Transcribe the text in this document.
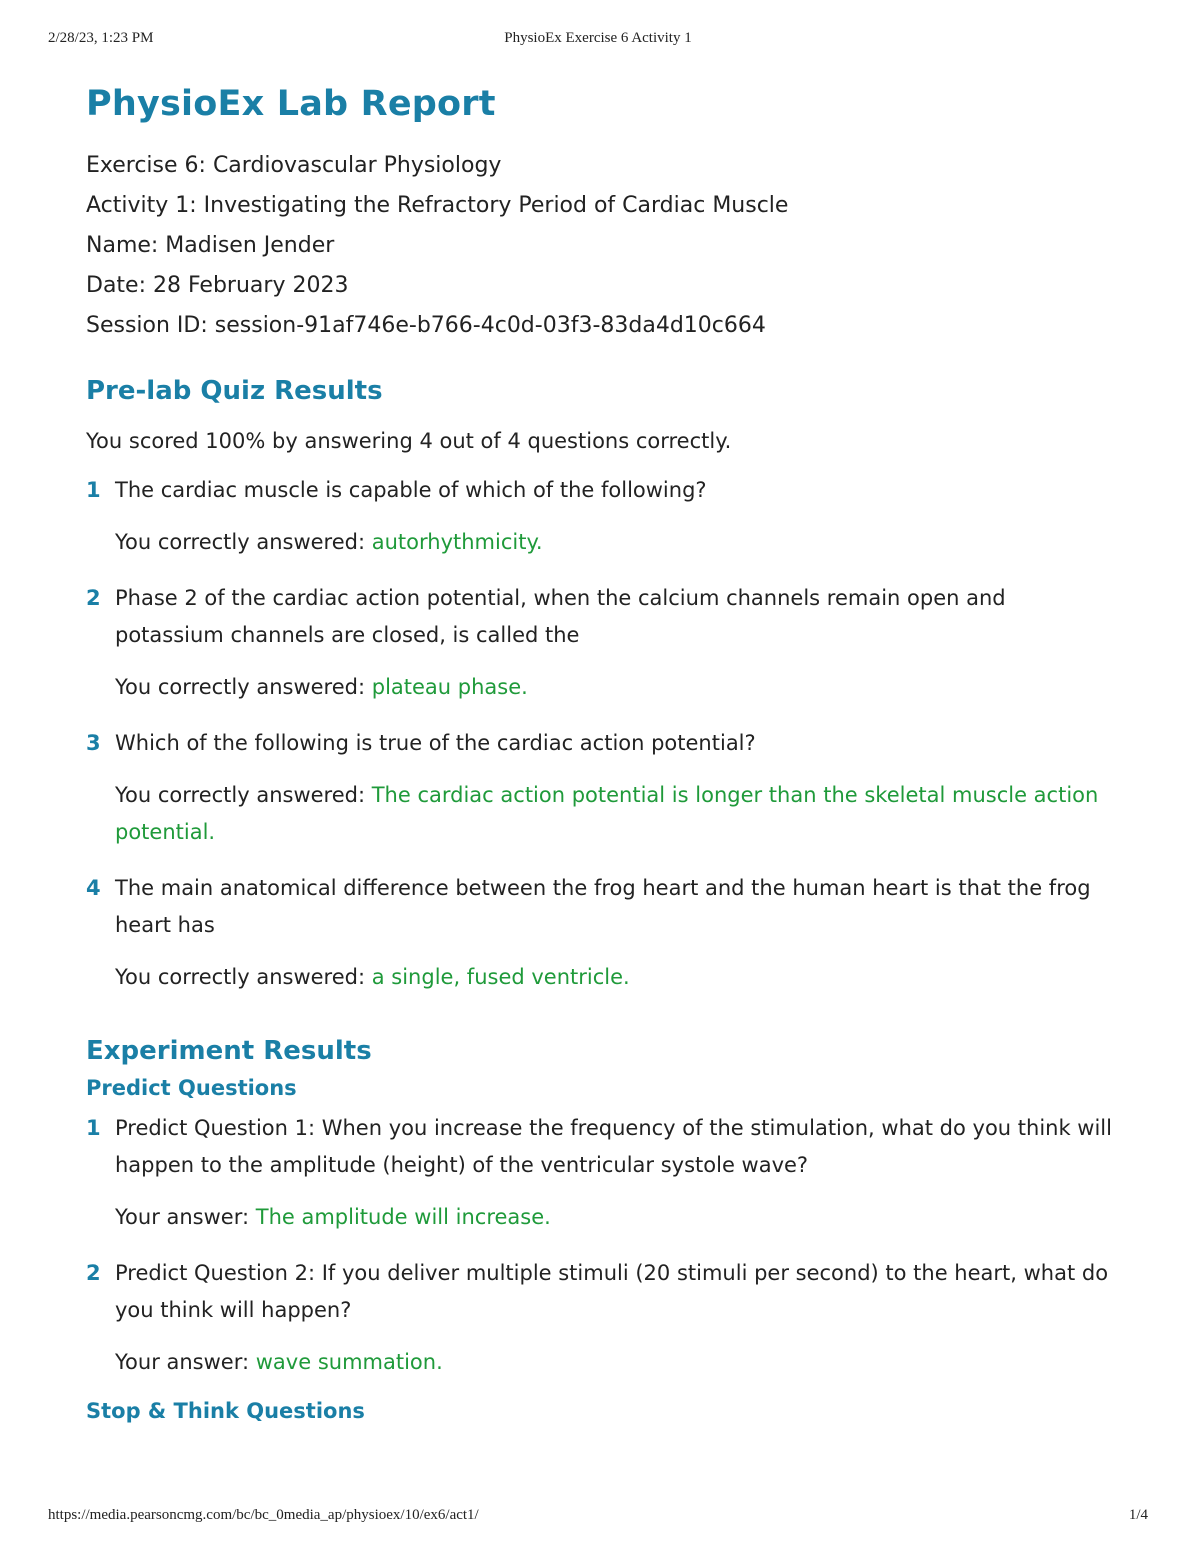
2/28/23, 1:23 PM	PhysioEx Exercise 6 Activity 1
PhysioEx Lab Report
Exercise 6: Cardiovascular Physiology
Activity 1: Investigating the Refractory Period of Cardiac Muscle
Name: Madisen Jender
Date: 28 February 2023
Session ID: session-91af746e-b766-4c0d-03f3-83da4d10c664
Pre-lab Quiz Results
You scored 100% by answering 4 out of 4 questions correctly.
1 The cardiac muscle is capable of which of the following?
You correctly answered: autorhythmicity.
2 Phase 2 of the cardiac action potential, when the calcium channels remain open and potassium channels are closed, is called the
You correctly answered: plateau phase.
3 Which of the following is true of the cardiac action potential?
You correctly answered: The cardiac action potential is longer than the skeletal muscle action potential.
4 The main anatomical difference between the frog heart and the human heart is that the frog heart has
You correctly answered: a single, fused ventricle.
Experiment Results
Predict Questions
1 Predict Question 1: When you increase the frequency of the stimulation, what do you think will happen to the amplitude (height) of the ventricular systole wave?
Your answer: The amplitude will increase.
2 Predict Question 2: If you deliver multiple stimuli (20 stimuli per second) to the heart, what do you think will happen?
Your answer: wave summation.
Stop & Think Questions
https://media.pearsoncmg.com/bc/bc_0media_ap/physioex/10/ex6/act1/	1/4
